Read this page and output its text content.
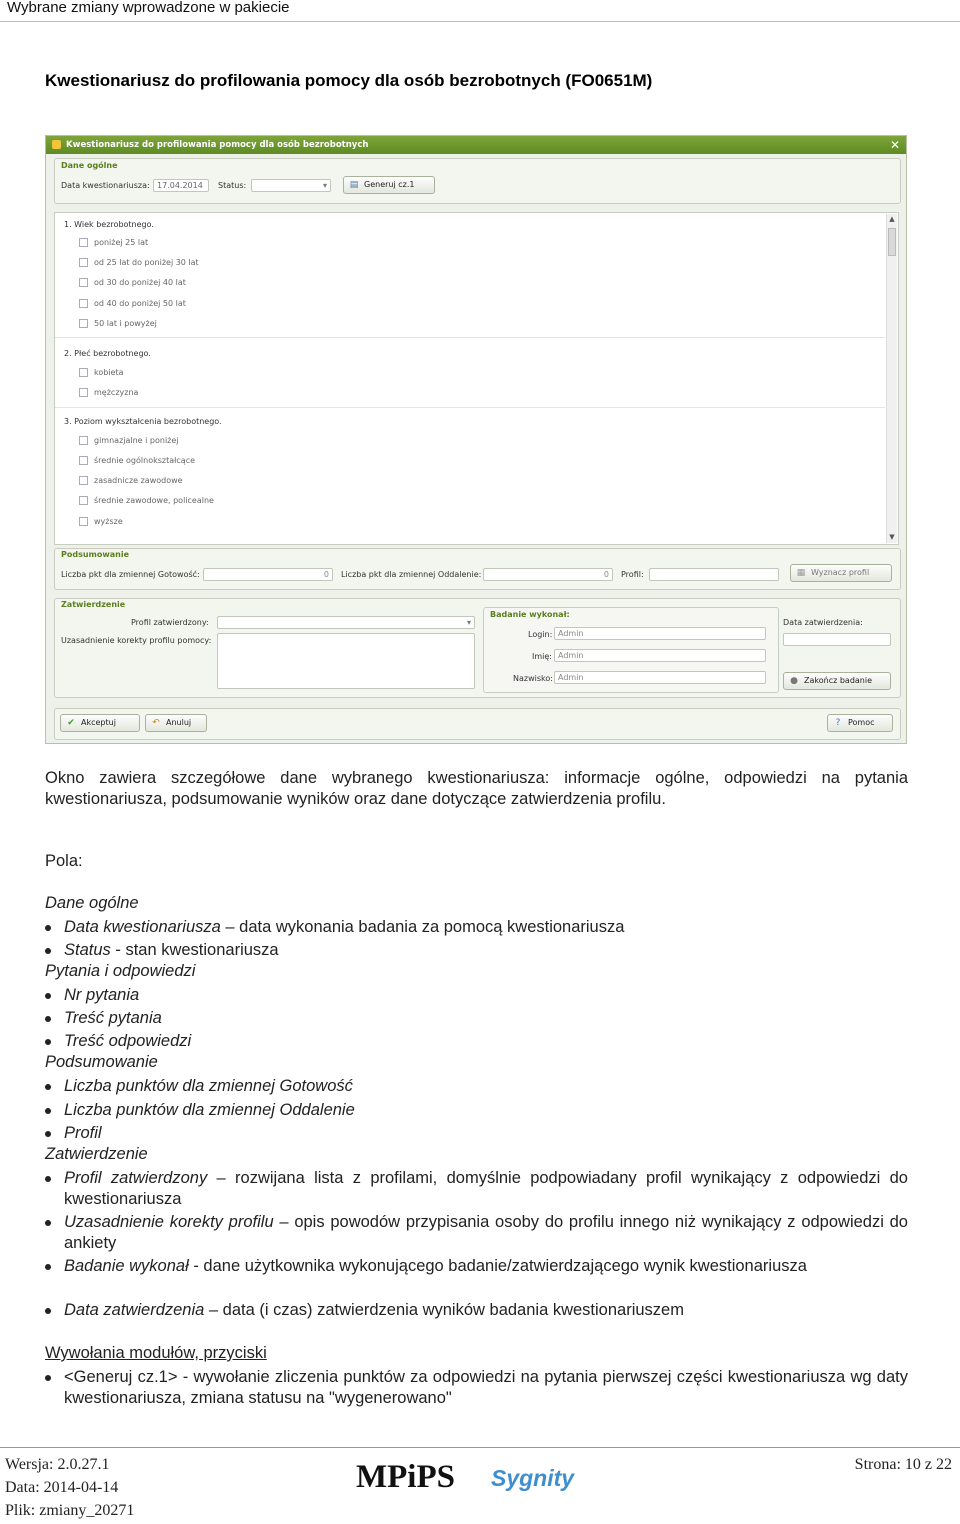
Wybrane zmiany wprowadzone w pakiecie
Kwestionariusz do profilowania pomocy dla osób bezrobotnych (FO0651M)
Kwestionariusz do profilowania pomocy dla osób bezrobotnych	✕
Dane ogólne
Data kwestionariusza: 17.04.2014	Status:
▾	▤ Generuj cz.1
1. Wiek bezrobotnego.
poniżej 25 lat
od 25 lat do poniżej 30 lat
od 30 do poniżej 40 lat
od 40 do poniżej 50 lat
50 lat i powyżej
2. Płeć bezrobotnego.
kobieta
mężczyzna
3. Poziom wykształcenia bezrobotnego.
gimnazjalne i poniżej
średnie ogólnokształcące
zasadnicze zawodowe
średnie zawodowe, policealne
wyższe
▲
▼
Podsumowanie
Liczba pkt dla zmiennej Gotowość:	0	Liczba pkt dla zmiennej Oddalenie:	0	Profil:	▦ Wyznacz profil
Zatwierdzenie
Profil zatwierdzony:
▾
Uzasadnienie korekty profilu pomocy:
Badanie wykonał:
Login: Admin
Imię: Admin
Nazwisko: Admin
Data zatwierdzenia:
● Zakończ badanie
✔ Akceptuj	↶ Anuluj	? Pomoc
Okno zawiera szczegółowe dane wybranego kwestionariusza: informacje ogólne, odpowiedzi na pytania kwestionariusza, podsumowanie wyników oraz dane dotyczące zatwierdzenia profilu.
Pola:
Dane ogólne
Data kwestionariusza – data wykonania badania za pomocą kwestionariusza
Status - stan kwestionariusza
Pytania i odpowiedzi
Nr pytania
Treść pytania
Treść odpowiedzi
Podsumowanie
Liczba punktów dla zmiennej Gotowość
Liczba punktów dla zmiennej Oddalenie
Profil
Zatwierdzenie
Profil zatwierdzony – rozwijana lista z profilami, domyślnie podpowiadany profil wynikający z odpowiedzi do kwestionariusza
Uzasadnienie korekty profilu – opis powodów przypisania osoby do profilu innego niż wynikający z odpowiedzi do ankiety
Badanie wykonał - dane użytkownika wykonującego badanie/zatwierdzającego wynik kwestionariusza
Data zatwierdzenia – data (i czas) zatwierdzenia wyników badania kwestionariuszem
Wywołania modułów, przyciski
<Generuj cz.1> - wywołanie zliczenia punktów za odpowiedzi na pytania pierwszej części kwestionariusza wg daty kwestionariusza, zmiana statusu na "wygenerowano"
Wersja: 2.0.27.1
Data: 2014-04-14
Plik: zmiany_20271
MPiPS Sygnity
Strona: 10 z 22
